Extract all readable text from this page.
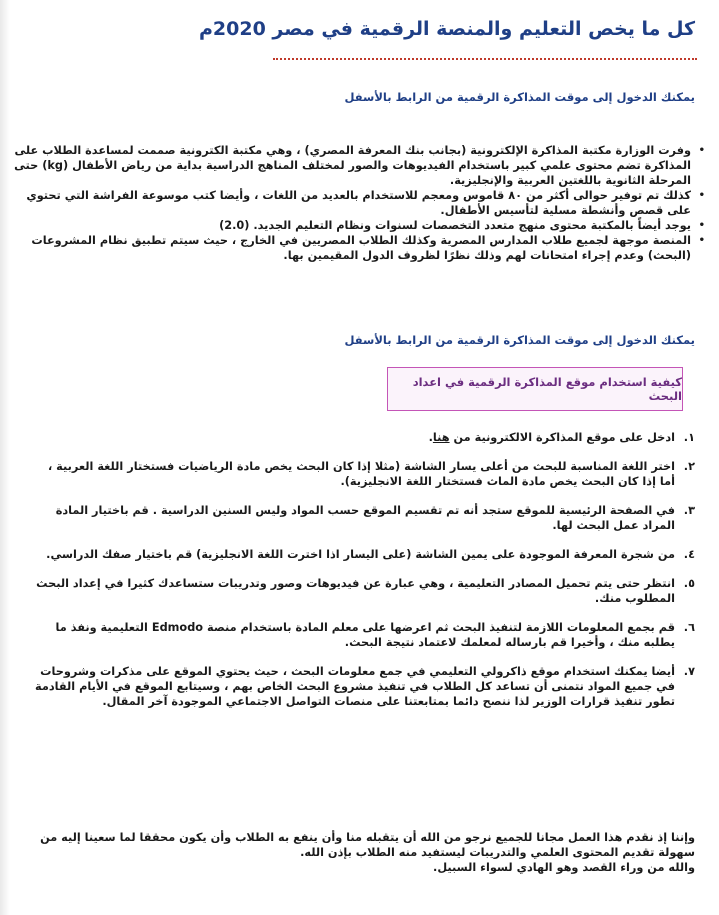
كل ما يخص التعليم والمنصة الرقمية في مصر 2020م

يمكنك الدخول إلى موقت المذاكرة الرقمية من الرابط بالأسفل

• وفرت الوزارة مكتبة المذاكرة الإلكترونية (بجانب بنك المعرفة المصري) ، وهي مكتبة الكترونية صممت لمساعدة الطلاب على المذاكرة تضم محتوى علمي كبير باستخدام الفيديوهات والصور لمختلف المناهج الدراسية بداية من رياض الأطفال (kg) حتى المرحلة الثانوية باللغتين العربية والإنجليزية.
• كذلك تم توفير حوالى أكثر من ٨٠ قاموس ومعجم للاستخدام بالعديد من اللغات ، وأيضا كتب موسوعة الفراشة التي تحتوي على قصص وأنشطة مسلية لتأسيس الأطفال.
• يوجد أيضاً بالمكتبة محتوى منهج متعدد التخصصات لسنوات ونظام التعليم الجديد. (2.0)
• المنصة موجهة لجميع طلاب المدارس المصرية وكذلك الطلاب المصريين في الخارج ، حيث سيتم تطبيق نظام المشروعات (البحث) وعدم إجراء امتحانات لهم وذلك نظرًا لظروف الدول المقيمين بها.

يمكنك الدخول إلى موقت المذاكرة الرقمية من الرابط بالأسفل

كيفية استخدام موقع المذاكرة الرقمية في اعداد البحث
١.
ادخل على موقع المذاكرة الالكترونية من هنا.
٢.
اختر اللغة المناسبة للبحث من أعلى يسار الشاشة (مثلا إذا كان البحث يخص مادة الرياضيات فستختار اللغة العربية ، أما إذا كان البحث يخص مادة الماث فستختار اللغة الانجليزية).
٣.
في الصفحة الرئيسية للموقع ستجد أنه تم تقسيم الموقع حسب المواد وليس السنين الدراسية . قم باختيار المادة المراد عمل البحث لها.
٤.
من شجرة المعرفة الموجودة على يمين الشاشة (على اليسار اذا اخترت اللغة الانجليزية) قم باختيار صفك الدراسي.
٥.
انتظر حتى يتم تحميل المصادر التعليمية ، وهي عبارة عن فيديوهات وصور وتدريبات ستساعدك كثيرا في إعداد البحث المطلوب منك.
٦.
قم بجمع المعلومات اللازمة لتنفيذ البحث ثم اعرضها على معلم المادة باستخدام منصة Edmodo التعليمية ونفذ ما يطلبه منك ، وأخيرا قم بارساله لمعلمك لاعتماد نتيجة البحث.
٧.
أيضا يمكنك استخدام موقع ذاكرولي التعليمي في جمع معلومات البحث ، حيث يحتوي الموقع على مذكرات وشروحات في جميع المواد نتمنى أن تساعد كل الطلاب في تنفيذ مشروع البحث الخاص بهم ، وسيتابع الموقع في الأيام القادمة تطور تنفيذ قرارات الوزير لذا ننصح دائما بمتابعتنا على منصات التواصل الاجتماعي الموجودة آخر المقال.
وإننا إذ نقدم هذا العمل مجانا للجميع نرجو من الله أن يتقبله منا وأن ينفع به الطلاب وأن يكون محققا لما سعينا إليه من سهولة تقديم المحتوى العلمي والتدريبات ليستفيد منه الطلاب بإذن الله.
والله من وراء القصد وهو الهادي لسواء السبيل.
